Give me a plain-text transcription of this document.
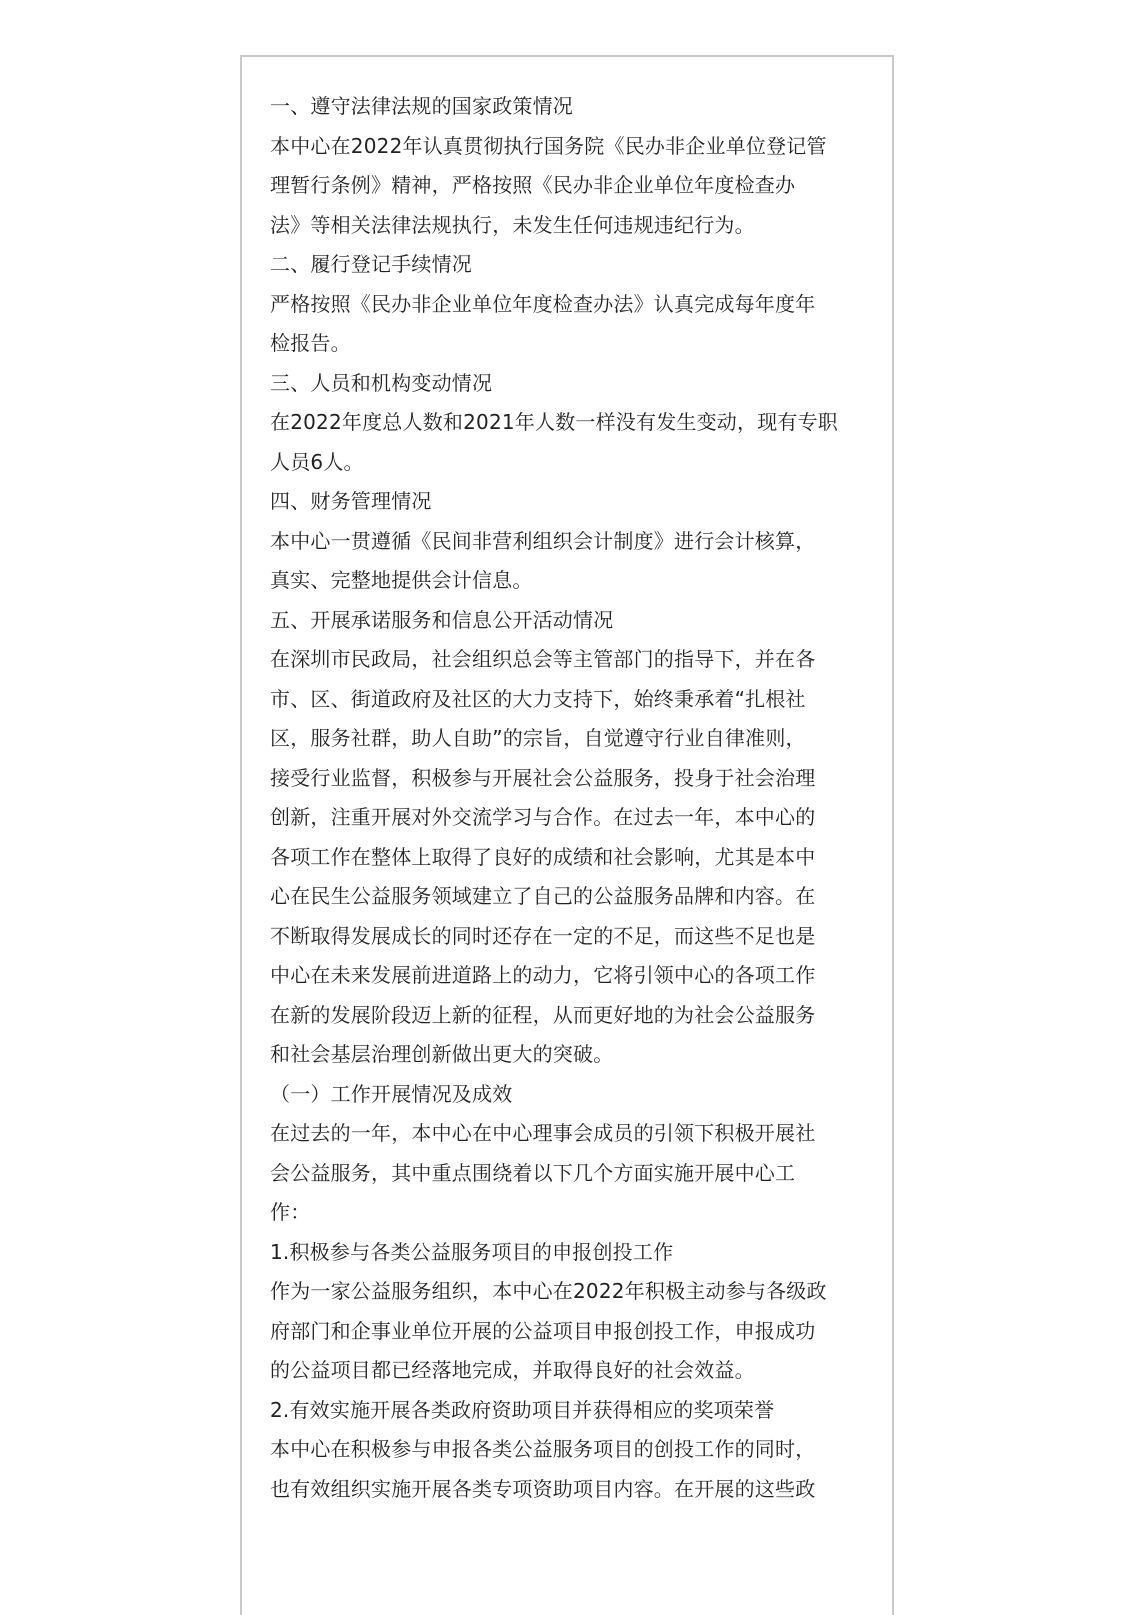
一、遵守法律法规的国家政策情况
本中心在2022年认真贯彻执行国务院《民办非企业单位登记管
理暂行条例》精神，严格按照《民办非企业单位年度检查办
法》等相关法律法规执行，未发生任何违规违纪行为。
二、履行登记手续情况
严格按照《民办非企业单位年度检查办法》认真完成每年度年
检报告。
三、人员和机构变动情况
在2022年度总人数和2021年人数一样没有发生变动，现有专职
人员6人。
四、财务管理情况
本中心一贯遵循《民间非营利组织会计制度》进行会计核算，
真实、完整地提供会计信息。
五、开展承诺服务和信息公开活动情况
在深圳市民政局，社会组织总会等主管部门的指导下，并在各
市、区、街道政府及社区的大力支持下，始终秉承着“扎根社
区，服务社群，助人自助”的宗旨，自觉遵守行业自律准则，
接受行业监督，积极参与开展社会公益服务，投身于社会治理
创新，注重开展对外交流学习与合作。在过去一年，本中心的
各项工作在整体上取得了良好的成绩和社会影响，尤其是本中
心在民生公益服务领域建立了自己的公益服务品牌和内容。在
不断取得发展成长的同时还存在一定的不足，而这些不足也是
中心在未来发展前进道路上的动力，它将引领中心的各项工作
在新的发展阶段迈上新的征程，从而更好地的为社会公益服务
和社会基层治理创新做出更大的突破。
（一）工作开展情况及成效
在过去的一年，本中心在中心理事会成员的引领下积极开展社
会公益服务，其中重点围绕着以下几个方面实施开展中心工
作：
1.积极参与各类公益服务项目的申报创投工作
作为一家公益服务组织，本中心在2022年积极主动参与各级政
府部门和企事业单位开展的公益项目申报创投工作，申报成功
的公益项目都已经落地完成，并取得良好的社会效益。
2.有效实施开展各类政府资助项目并获得相应的奖项荣誉
本中心在积极参与申报各类公益服务项目的创投工作的同时，
也有效组织实施开展各类专项资助项目内容。在开展的这些政
